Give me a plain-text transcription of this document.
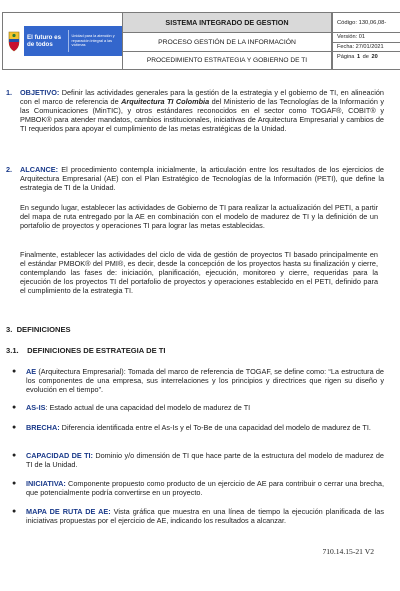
El futuro es de todos
Unidad para la atención y reparación integral a las víctimas
SISTEMA INTEGRADO DE GESTION
PROCESO GESTIÓN DE LA INFORMACIÓN
PROCEDIMIENTO ESTRATEGIA Y GOBIERNO DE TI
Código: 130,06,08-
Versión: 01
Fecha: 27/01/2021
Página
1
de
20
1. OBJETIVO: Definir las actividades generales para la gestión de la estrategia y el gobierno de TI, en alineación con el marco de referencia de Arquitectura TI Colombia del Ministerio de las Tecnologías de la Información y las Comunicaciones (MinTIC), y otros estándares reconocidos en el sector como TOGAF®, COBIT® y PMBOK® para atender mandatos, cambios institucionales, iniciativas de Arquitectura Empresarial y cambios de TI requeridos para apoyar el cumplimiento de las metas estratégicas de la Unidad.

2. ALCANCE: El procedimiento contempla inicialmente, la articulación entre los resultados de los ejercicios de Arquitectura Empresarial (AE) con el Plan Estratégico de Tecnologías de la Información (PETI), que define la estrategia de TI de la Unidad.

En segundo lugar, establecer las actividades de Gobierno de TI para realizar la actualización del PETI, a partir del mapa de ruta entregado por la AE en combinación con el modelo de madurez de TI y la definición de un portafolio de proyectos y operaciones TI para lograr las metas establecidas.

Finalmente, establecer las actividades del ciclo de vida de gestión de proyectos TI basado principalmente en el estándar PMBOK® del PMI®, es decir, desde la concepción de los proyectos hasta su finalización y cierre, contemplando las fases de: iniciación, planificación, ejecución, monitoreo y cierre, requeridas para la ejecución de los proyectos TI del portafolio de proyectos y operaciones establecido en el PETI, definido para el cumplimiento de la estrategia TI.

3. DEFINICIONES
3.1. DEFINICIONES DE ESTRATEGIA DE TI
● AE (Arquitectura Empresarial): Tomada del marco de referencia de TOGAF, se define como: “La estructura de los componentes de una empresa, sus interrelaciones y los principios y directrices que rigen su diseño y evolución en el tiempo”.

● AS-IS: Estado actual de una capacidad del modelo de madurez de TI

● BRECHA: Diferencia identificada entre el As-Is y el To-Be de una capacidad del modelo de madurez de TI.

● CAPACIDAD DE TI: Dominio y/o dimensión de TI que hace parte de la estructura del modelo de madurez de TI de la Unidad.

● INICIATIVA: Componente propuesto como producto de un ejercicio de AE para contribuir o cerrar una brecha, que potencialmente podría convertirse en un proyecto.

● MAPA DE RUTA DE AE: Vista gráfica que muestra en una línea de tiempo la ejecución planificada de las iniciativas propuestas por el ejercicio de AE, indicando los resultados a alcanzar.

710.14.15-21 V2
